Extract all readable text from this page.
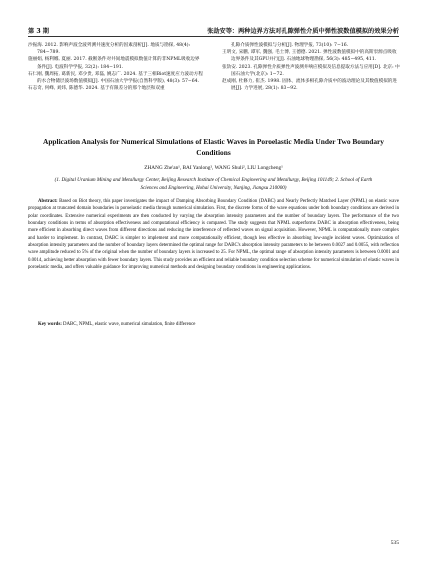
第 3 期	张劼安等：两种边界方法对孔隙弹性介质中弹性波数值模拟的效果分析
沙振海. 2012. 影响声波全波列测井速度分析的因素剖析[J]. 地质与勘探, 48(4): 784−789.
施丽娟, 杨利娜, 夏丽. 2017. 截断条件对井间地震模拟数值计算的非NPML吸收边界条件[J]. 电波科学学报, 32(2): 184−191.
石仁刚, 魏周拓, 葛新民, 邓少贵, 邓磊, 姚志广. 2024. 基于三相Biot速度应力波动方程的水合物储层波场数值模拟[J]. 中国石油大学学报(自然科学版), 48(3): 57−64.
石志奇, 何峰, 刘炜, 陈德华. 2024. 基于有限差分的那个地层和双重
孔隙介质弹性波模拟与分析[J]. 物理学报, 73(10): 7−16.
王明文, 宋鹏, 谭军, 魏强, 毛士博, 王德德. 2021. 弹性波数值模拟中的高斯泵源点吸收边界条件及其GPU并行[J]. 石油地球物理勘探, 56(3): 485−495, 411.
张劼安. 2023. 孔隙弹性介质弹性声波测井响应模拟及信息提取方法与应用[D]. 北京: 中国石油大学(北京): 1−72.
赵成刚, 杜修力, 崔杰. 1998. 固体、流体多相孔隙介质中的波动理论及其数值模拟的进展[J]. 力学进展, 28(1): 83−92.
Application Analysis for Numerical Simulations of Elastic Waves in Poroelastic Media Under Two Boundary Conditions
ZHANG Zhe'an¹, BAI Yanlong², WANG Shuli², LIU Longcheng¹
(1. Digital Uranium Mining and Metallurgy Center, Beijing Research Institute of Chemical Engineering and Metallurgy, Beijing 101149; 2. School of Earth Sciences and Engineering, Hohai University, Nanjing, Jiangsu 210000)
Abstract: Based on Biot theory, this paper investigates the impact of Damping Absorbing Boundary Condition (DABC) and Nearly Perfectly Matched Layer (NPML) on elastic wave propagation at truncated domain boundaries in poroelastic media through numerical simulation. First, the discrete forms of the wave equations under both boundary conditions are derived in polar coordinates. Extensive numerical experiments are then conducted by varying the absorption intensity parameters and the number of boundary layers. The performance of the two boundary conditions in terms of absorption effectiveness and computational efficiency is compared. The study suggests that NPML outperforms DABC in absorption effectiveness, being more efficient in absorbing direct waves from different directions and reducing the interference of reflected waves on signal acquisition. However, NPML is computationally more complex and harder to implement. In contrast, DABC is simpler to implement and more computationally efficient, though less effective in absorbing low-angle incident waves. Optimization of absorption intensity parameters and the number of boundary layers determined the optimal range for DABC's absorption intensity parameters to be between 0.0027 and 0.0055, with reflection wave amplitude reduced to 5% of the original when the number of boundary layers is increased to 25. For NPML, the optimal range of absorption intensity parameters is between 0.0001 and 0.0014, achieving better absorption with fewer boundary layers. This study provides an efficient and reliable boundary condition selection scheme for numerical simulation of elastic waves in poroelastic media, and offers valuable guidance for improving numerical methods and designing boundary conditions in engineering applications.
Key words: DABC, NPML, elastic wave, numerical simulation, finite difference
535
